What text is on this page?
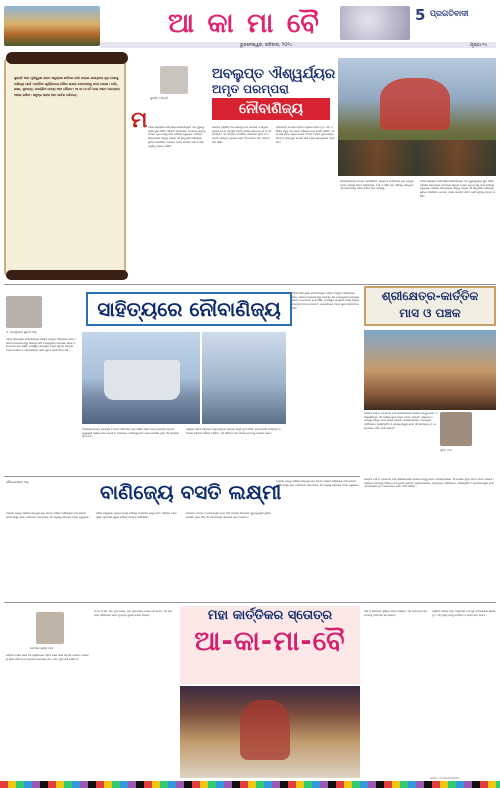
ଆ କା ମା ବୈ	5 ପ୍ରଗତିବାଦୀ
ଭୁବନେଶ୍ୱର, ରବିବାର, ୨୦୨୪	ପୃଷ୍ଠା-୧୪
କୁହନ୍ତି ଆମ ପୂର୍ବପୁରୁଷ ସାଧବ ସମୁଦ୍ରର ଛାତିରେ ବାଲି ଉଡ଼ାଇ ଯାଉଥିଲେ ଦୂର ଦେଶକୁ ବାଣିଜ୍ୟ ପାଇଁ। କାର୍ତ୍ତିକ ପୂର୍ଣ୍ଣିମାରେ ନୌକା ଭସାଇ ସେମାନଙ୍କୁ ମନେ ପକାଉ। ବାଲି, ଜାଭା, ସୁମାତ୍ରା, ବୋର୍ଣ୍ଣିଓ ଯାତ୍ରା ଆମ ଗୌରବ। ଆ କା ମା ବୈ ଗାଇ ଆମେ ପରମ୍ପରା ବଞ୍ଚାଇ ରଖିବା। ସମୁଦ୍ର ସାହସ ଆମ ଜାତିର ପରିଚୟ।
ସୁଦର୍ଶନ ମହାନ୍ତି
ଅବଲୁପ୍ତ ଐଶ୍ୱର୍ଯ୍ୟର
ଅମୃତ ପରମ୍ପରା
ନୌବାଣିଜ୍ୟ
ମ ମଣିଷ ସଭ୍ୟତାର ଇତିହାସରେ ନୌବାଣିଜ୍ୟର ଏକ ଗୁରୁତ୍ୱପୂର୍ଣ୍ଣ ସ୍ଥାନ ରହିଛି। ଓଡ଼ିଶାର ସାଧବମାନେ ଅତୀତରେ ସମୁଦ୍ର ପଥରେ ଦୂର ଦେଶକୁ ଯାଇ ବାଣିଜ୍ୟ କରୁଥିଲେ। କଳିଙ୍ଗ ସାମ୍ରାଜ୍ୟର ସମୃଦ୍ଧି ପଛରେ ଏହି ସାମୁଦ୍ରିକ ବାଣିଜ୍ୟର ଭୂମିକା ଅପରିସୀମ। ବୋଇତ ବନ୍ଦାଣ ଉତ୍ସବ ଆଜି ବି ସେହି ସ୍ମୃତିକୁ ଜୀବନ୍ତ ରଖିଛି।
କାର୍ତ୍ତିକ ପୂର୍ଣ୍ଣିମା ଦିନ ଭୋରରୁ ନଦୀ, ପୋଖରୀ ଓ ସମୁଦ୍ର କୂଳରେ କଦଳୀ ପଟୁଆର ଡଙ୍ଗା ଭସାଇ ଲୋକେ ଆ କା ମା ବୈ ଗାଆନ୍ତି। ଏହା କାର୍ତ୍ତିକ, ମାର୍ଗଶିର, ବୈଶାଖର ସୂଚନା ଦିଏ। ପାଲଟି ଯାଇଥିବା ଯୁଗରେ ମଧ୍ୟ ଏହି ଉତ୍ସବ ଆମ ପରମ୍ପରାର ସାକ୍ଷୀ।
ବାଲିଯାତ୍ରା କଟକର ମହାନଦୀ କୂଳରେ ପାଳିତ ହୁଏ। ଏହା ଏସିଆର ସବୁଠୁ ବଡ଼ ଖୋଲା ବାଣିଜ୍ୟ ମେଳା ବୋଲି ପରିଚିତ। ଲକ୍ଷ ଲକ୍ଷ ଲୋକ ଏଥିରେ ଯୋଗ ଦିଅନ୍ତି। ସାଧବ ପୁଅମାନଙ୍କ ସାହସ ଓ ବୀରତ୍ୱର କାହାଣୀ ଆଜି ମଧ୍ୟ ଲୋକମୁଖରେ ପ୍ରଚଳିତ।
ଇତିହାସକାରଙ୍କ ମତରେ ତାମ୍ରଲିପ୍ତି, ପାଲୁର ଓ ଚେଲିତାଲୋ ଥିଲା ପ୍ରମୁଖ ବନ୍ଦର। ସେଠାରୁ ଜାହାଜ ଶ୍ରୀଲଙ୍କା, ବର୍ମା ଓ ଦକ୍ଷିଣ ପୂର୍ବ ଏସିଆକୁ ଯାଉଥିଲା। ଏହି ପରମ୍ପରାକୁ ବଞ୍ଚାଇ ରଖିବା ଆମ ଦାୟିତ୍ୱ।
ମଣିଷ ସଭ୍ୟତାର ଇତିହାସରେ ନୌବାଣିଜ୍ୟର ଏକ ଗୁରୁତ୍ୱପୂର୍ଣ୍ଣ ସ୍ଥାନ ରହିଛି। ଓଡ଼ିଶାର ସାଧବମାନେ ଅତୀତରେ ସମୁଦ୍ର ପଥରେ ଦୂର ଦେଶକୁ ଯାଇ ବାଣିଜ୍ୟ କରୁଥିଲେ। କଳିଙ୍ଗ ସାମ୍ରାଜ୍ୟର ସମୃଦ୍ଧି ପଛରେ ଏହି ସାମୁଦ୍ରିକ ବାଣିଜ୍ୟର ଭୂମିକା ଅପରିସୀମ। ବୋଇତ ବନ୍ଦାଣ ଉତ୍ସବ ଆଜି ବି ସେହି ସ୍ମୃତିକୁ ଜୀବନ୍ତ ରଖିଛି।
ଡ. ପ୍ରଫୁଲ୍ଲ କୁମାର ସାହୁ
ସାହିତ୍ୟରେ ନୌବାଣିଜ୍ୟ
ଓଡ଼ିଆ ସାହିତ୍ୟରେ ନୌବାଣିଜ୍ୟର ବର୍ଣ୍ଣନା ପ୍ରଚୁର ପରିମାଣରେ ମିଳେ। ସାରଳା ମହାଭାରତଠାରୁ ଆରମ୍ଭ କରି ମଧ୍ୟଯୁଗୀୟ କାବ୍ୟରେ ସାଧବ ଓ ବୋଇତର କଥା ରହିଛି। ତପସ୍ୱିନୀ କାବ୍ୟରେ ମଧ୍ୟ ସମୁଦ୍ର ଯାତ୍ରାର ଚିତ୍ର ଦେଖାଯାଏ। ଲୋକଗୀତରେ ଏହାର ସୁନ୍ଦର ପ୍ରତିଫଳନ ଅଛି।
ଫକୀରମୋହନଙ୍କ ରଚନାରେ ବି ସାଧବ ପରିବାରର କଥା ରହିଛି। ସାଧବ ବୋହୂ ତପୋଇର କାହାଣୀ ଖୁଦୁରୁକୁଣୀ ଓଷାରେ ଗାନ କରାଯାଏ। ଭାଇମାନେ ବାଣିଜ୍ୟକୁ ଯିବା ପରେ ଭଉଣୀର ଦୁଃଖ ଏହି କାହାଣୀର ମୂଳ କଥା।
ଆଧୁନିକ ଓଡ଼ିଆ କବିତାରେ ମଧ୍ୟ ସମୁଦ୍ର ଯାତ୍ରାର ସ୍ମୃତି ଫୁଟି ଉଠିଛି। ଗୋଦାବରୀଶ ମିଶ୍ରଙ୍କ କବିତାରେ କଳିଙ୍ଗ ଗୌରବ ବର୍ଣ୍ଣିତ। ଏହି ସାହିତ୍ୟ ଆମ ଜାତୀୟ ଚେତନାକୁ ଜାଗ୍ରତ କରେ।
ଓଡ଼ିଆ ସାହିତ୍ୟରେ ନୌବାଣିଜ୍ୟର ବର୍ଣ୍ଣନା ପ୍ରଚୁର ପରିମାଣରେ ମିଳେ। ସାରଳା ମହାଭାରତଠାରୁ ଆରମ୍ଭ କରି ମଧ୍ୟଯୁଗୀୟ କାବ୍ୟରେ ସାଧବ ଓ ବୋଇତର କଥା ରହିଛି। ତପସ୍ୱିନୀ କାବ୍ୟରେ ମଧ୍ୟ ସମୁଦ୍ର ଯାତ୍ରାର ଚିତ୍ର ଦେଖାଯାଏ। ଲୋକଗୀତରେ ଏହାର ସୁନ୍ଦର ପ୍ରତିଫଳନ ଅଛି।
ଶ୍ରୀକ୍ଷେତ୍ର-କାର୍ତ୍ତିକ
ମାସ ଓ ପଞ୍ଚକ
କାର୍ତ୍ତିକ ମାସ ବା ଦାମୋଦର ମାସ ଶ୍ରୀକ୍ଷେତ୍ରରେ ବିଶେଷ ମହତ୍ତ୍ୱ ରଖେ। ହବିଷ୍ୟାଳିମାନେ ଏହି ମାସରେ ଶୁଦ୍ଧ ଜୀବନ ଯାପନ କରନ୍ତି। ପଞ୍ଚକରେ ମହାପ୍ରଭୁ ବିଭିନ୍ନ ବେଶ ଧାରଣ କରନ୍ତି। ଲକ୍ଷ୍ମୀନାରାୟଣ, ବାଙ୍କଚୂଡ଼ା, ତ୍ରିବିକ୍ରମ, ଲକ୍ଷ୍ମୀନୃସିଂହ ଓ ରାଜରାଜେଶ୍ୱର ବେଶ ଏହି ସମୟରେ ହୁଏ। ଭକ୍ତମାନେ ଦର୍ଶନ ପାଇଁ ଆସନ୍ତି।
ସୁଜିତ ଦାସ
କାର୍ତ୍ତିକ ମାସ ବା ଦାମୋଦର ମାସ ଶ୍ରୀକ୍ଷେତ୍ରରେ ବିଶେଷ ମହତ୍ତ୍ୱ ରଖେ। ହବିଷ୍ୟାଳିମାନେ ଏହି ମାସରେ ଶୁଦ୍ଧ ଜୀବନ ଯାପନ କରନ୍ତି। ପଞ୍ଚକରେ ମହାପ୍ରଭୁ ବିଭିନ୍ନ ବେଶ ଧାରଣ କରନ୍ତି। ଲକ୍ଷ୍ମୀନାରାୟଣ, ବାଙ୍କଚୂଡ଼ା, ତ୍ରିବିକ୍ରମ, ଲକ୍ଷ୍ମୀନୃସିଂହ ଓ ରାଜରାଜେଶ୍ୱର ବେଶ ଏହି ସମୟରେ ହୁଏ। ଭକ୍ତମାନେ ଦର୍ଶନ ପାଇଁ ଆସନ୍ତି।
ସୌମ୍ୟରଞ୍ଜନ ସାହୁ	ବାଣିଜ୍ୟେ ବସତି ଲକ୍ଷ୍ମୀ
ପ୍ରାଚୀନ କାଳରୁ ବାଣିଜ୍ୟ ସମୃଦ୍ଧିର ମୂଳ ଉତ୍ସ। ଲକ୍ଷ୍ମୀ ବାଣିଜ୍ୟରେ ବାସ କରନ୍ତି ବୋଲି ଶାସ୍ତ୍ର କହେ। କଳିଙ୍ଗର ସାଧବମାନେ ଏହି ମନ୍ତ୍ରକୁ ଜୀବନରେ ପାଳନ କରୁଥିଲେ।
ଆଜିର ବିଶ୍ୱାୟନ ଯୁଗରେ ମଧ୍ୟ ବାଣିଜ୍ୟ ଅର୍ଥନୀତିର ମେରୁଦଣ୍ଡ। ଓଡ଼ିଶାର ବନ୍ଦରଗୁଡ଼ିକ ପୁଣି ସେହି ପୁରୁଣା ଗୌରବ ଫେରାଇ ଆଣିପାରିବ।
ପାରାଦୀପ, ଧାମରା ଓ ଗୋପାଳପୁର ବନ୍ଦର ଆଜି ରାଜ୍ୟର ବିକାଶରେ ଗୁରୁତ୍ୱପୂର୍ଣ୍ଣ ଭୂମିକା ନେଉଛି। ନୂତନ ପିଢ଼ି ଏହି ପରମ୍ପରାରୁ ପ୍ରେରଣା ନେବା ଦରକାର।
ପ୍ରାଚୀନ କାଳରୁ ବାଣିଜ୍ୟ ସମୃଦ୍ଧିର ମୂଳ ଉତ୍ସ। ଲକ୍ଷ୍ମୀ ବାଣିଜ୍ୟରେ ବାସ କରନ୍ତି ବୋଲି ଶାସ୍ତ୍ର କହେ। କଳିଙ୍ଗର ସାଧବମାନେ ଏହି ମନ୍ତ୍ରକୁ ଜୀବନରେ ପାଳନ କରୁଥିଲେ।
ଗୋପାଳ କୃଷ୍ଣ ଦାସ
କାର୍ତ୍ତିକ ମାସର ଶେଷ ଦିନ ପୂର୍ଣ୍ଣିମାରେ ଓଡ଼ିଆ ଘରେ ଘରେ ଉତ୍ସବ ମାହୋଲ। ଭୋରରୁ ସ୍ନାନ ସାରି କଦଳୀ ପଟୁଆର ଡଙ୍ଗାରେ ଦୀପ, ପାନ, ଗୁଆ ରଖି ଭସାଯାଏ।
ଆ କା ମା ବୈ, ପାନ ଗୁଆ ଥୋଇ, ପାନ ଗୁଆ ତୋର, ମାସକ ଧର୍ମ ମୋର। ଏହି ଗୀତ ଗାଇ ମହିଳାମାନେ ସାଧବ ପୁଅଙ୍କ ସୁରକ୍ଷା କାମନା କରନ୍ତି।	ମହା କାର୍ତ୍ତିକର ସ୍ତୋତ୍ର
ଆ-କା-ମା-ବୈ
ଆଜି ବି ପିଲାମାନେ ଖୁସିରେ ଡଙ୍ଗା ଭସାନ୍ତି। ଏହି ପରମ୍ପରା ଆମ ଅତୀତକୁ ବର୍ତ୍ତମାନ ସହ ଯୋଡ଼େ।
ପୂର୍ଣ୍ଣିମା ରାତିରେ ଜହ୍ନ ଆଲୁଅରେ ନଦୀ କୂଳ ଦୀପମାଳାରେ ସଜେଇ ହୁଏ। ଏହି ଦୃଶ୍ୟ ମନକୁ ମୋହିନିଏ ଓ ଭକ୍ତି ଭାବ ଜଗାଏ।
ଫୋନ: ୯୮୫୩୦୦୦୦୦୦
